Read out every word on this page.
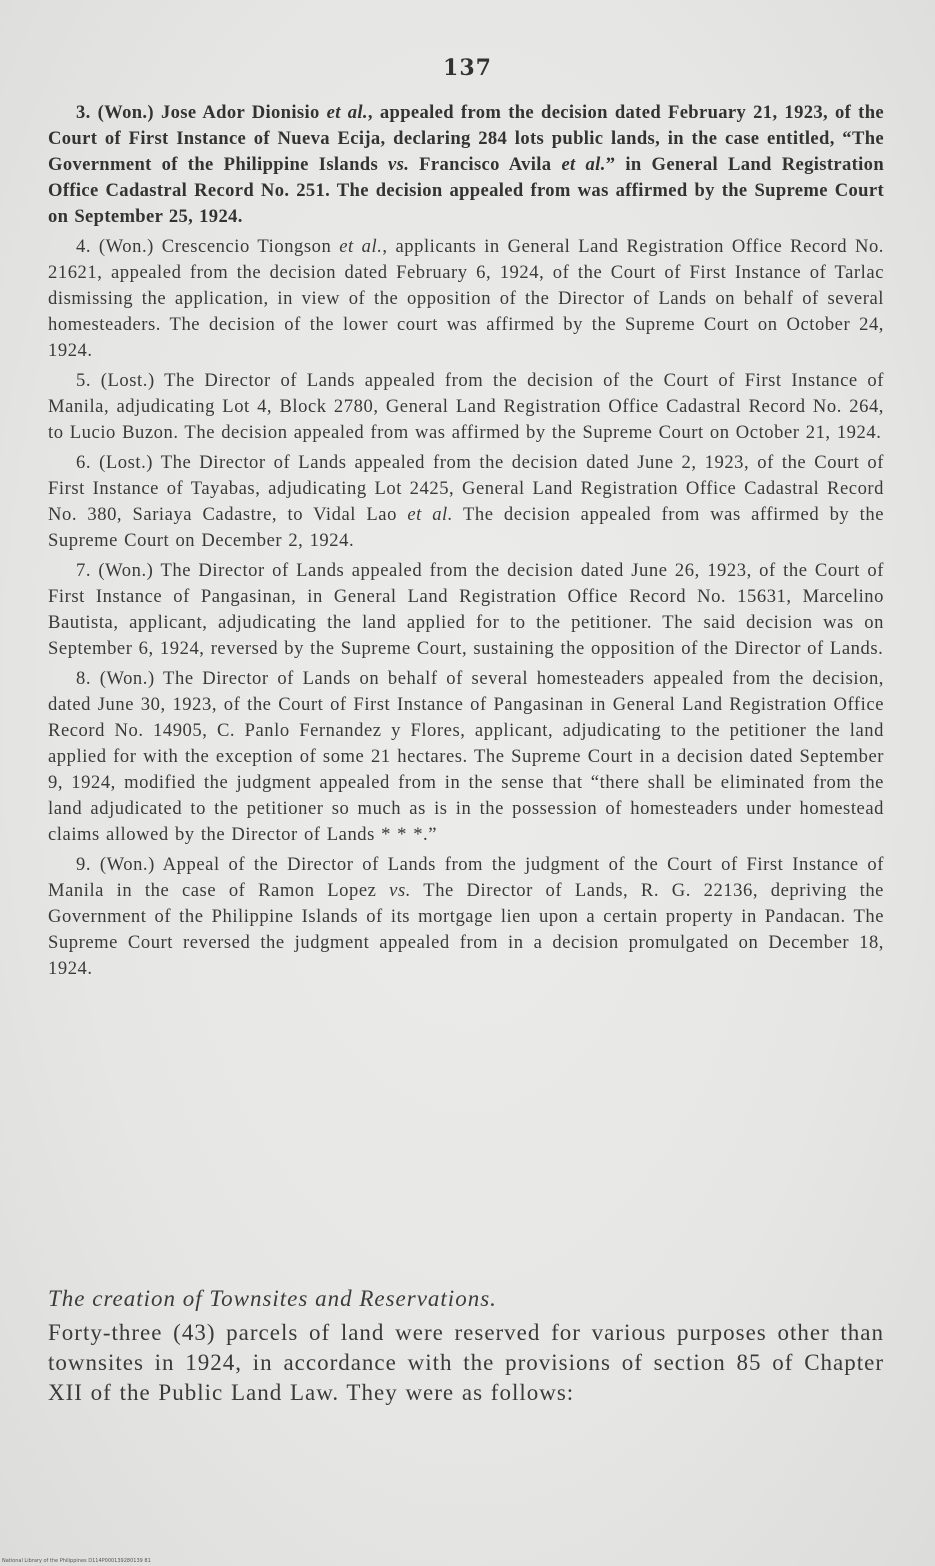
137

3. (Won.) Jose Ador Dionisio et al., appealed from the decision dated February 21, 1923, of the Court of First Instance of Nueva Ecija, declaring 284 lots public lands, in the case entitled, “The Government of the Philippine Islands vs. Francisco Avila et al.” in General Land Registration Office Cadastral Record No. 251. The decision appealed from was affirmed by the Supreme Court on September 25, 1924.

4. (Won.) Crescencio Tiongson et al., applicants in General Land Registration Office Record No. 21621, appealed from the decision dated February 6, 1924, of the Court of First Instance of Tarlac dismissing the application, in view of the opposition of the Director of Lands on behalf of several homesteaders. The decision of the lower court was affirmed by the Supreme Court on October 24, 1924.

5. (Lost.) The Director of Lands appealed from the decision of the Court of First Instance of Manila, adjudicating Lot 4, Block 2780, General Land Registration Office Cadastral Record No. 264, to Lucio Buzon. The decision appealed from was affirmed by the Supreme Court on October 21, 1924.

6. (Lost.) The Director of Lands appealed from the decision dated June 2, 1923, of the Court of First Instance of Tayabas, adjudicating Lot 2425, General Land Registration Office Cadastral Record No. 380, Sariaya Cadastre, to Vidal Lao et al. The decision appealed from was affirmed by the Supreme Court on December 2, 1924.

7. (Won.) The Director of Lands appealed from the decision dated June 26, 1923, of the Court of First Instance of Pangasinan, in General Land Registration Office Record No. 15631, Marcelino Bautista, applicant, adjudicating the land applied for to the petitioner. The said decision was on September 6, 1924, reversed by the Supreme Court, sustaining the opposition of the Director of Lands.

8. (Won.) The Director of Lands on behalf of several homesteaders appealed from the decision, dated June 30, 1923, of the Court of First Instance of Pangasinan in General Land Registration Office Record No. 14905, C. Panlo Fernandez y Flores, applicant, adjudicating to the petitioner the land applied for with the exception of some 21 hectares. The Supreme Court in a decision dated September 9, 1924, modified the judgment appealed from in the sense that “there shall be eliminated from the land adjudicated to the petitioner so much as is in the possession of homesteaders under homestead claims allowed by the Director of Lands * * *.”

9. (Won.) Appeal of the Director of Lands from the judgment of the Court of First Instance of Manila in the case of Ramon Lopez vs. The Director of Lands, R. G. 22136, depriving the Government of the Philippine Islands of its mortgage lien upon a certain property in Pandacan. The Supreme Court reversed the judgment appealed from in a decision promulgated on December 18, 1924.

The creation of Townsites and Reservations.
Forty-three (43) parcels of land were reserved for various purposes other than townsites in 1924, in accordance with the provisions of section 85 of Chapter XII of the Public Land Law. They were as follows:
National Library of the Philippines D114P000139280139 81
